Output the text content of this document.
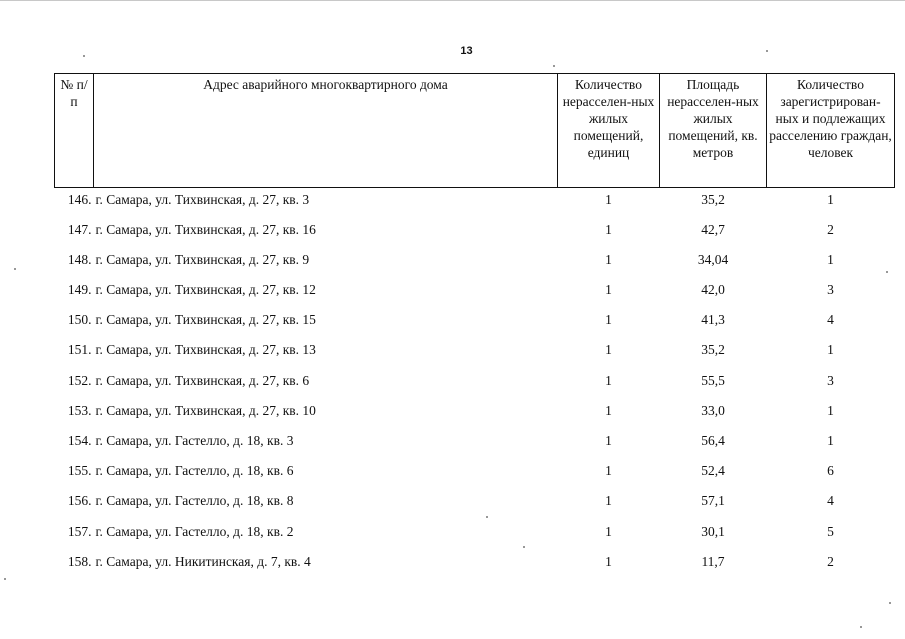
13
№ п/п	Адрес аварийного многоквартирного дома	Количество нерасселен-ных жилых помещений, единиц	Площадь нерасселен-ных жилых помещений, кв. метров	Количество зарегистрирован-ных и подлежащих расселению граждан, человек
146.	г. Самара, ул. Тихвинская, д. 27, кв. 3	1	35,2	1
147.	г. Самара, ул. Тихвинская, д. 27, кв. 16	1	42,7	2
148.	г. Самара, ул. Тихвинская, д. 27, кв. 9	1	34,04	1
149.	г. Самара, ул. Тихвинская, д. 27, кв. 12	1	42,0	3
150.	г. Самара, ул. Тихвинская, д. 27, кв. 15	1	41,3	4
151.	г. Самара, ул. Тихвинская, д. 27, кв. 13	1	35,2	1
152.	г. Самара, ул. Тихвинская, д. 27, кв. 6	1	55,5	3
153.	г. Самара, ул. Тихвинская, д. 27, кв. 10	1	33,0	1
154.	г. Самара, ул. Гастелло, д. 18, кв. 3	1	56,4	1
155.	г. Самара, ул. Гастелло, д. 18, кв. 6	1	52,4	6
156.	г. Самара, ул. Гастелло, д. 18, кв. 8	1	57,1	4
157.	г. Самара, ул. Гастелло, д. 18, кв. 2	1	30,1	5
158.	г. Самара, ул. Никитинская, д. 7, кв. 4	1	11,7	2
